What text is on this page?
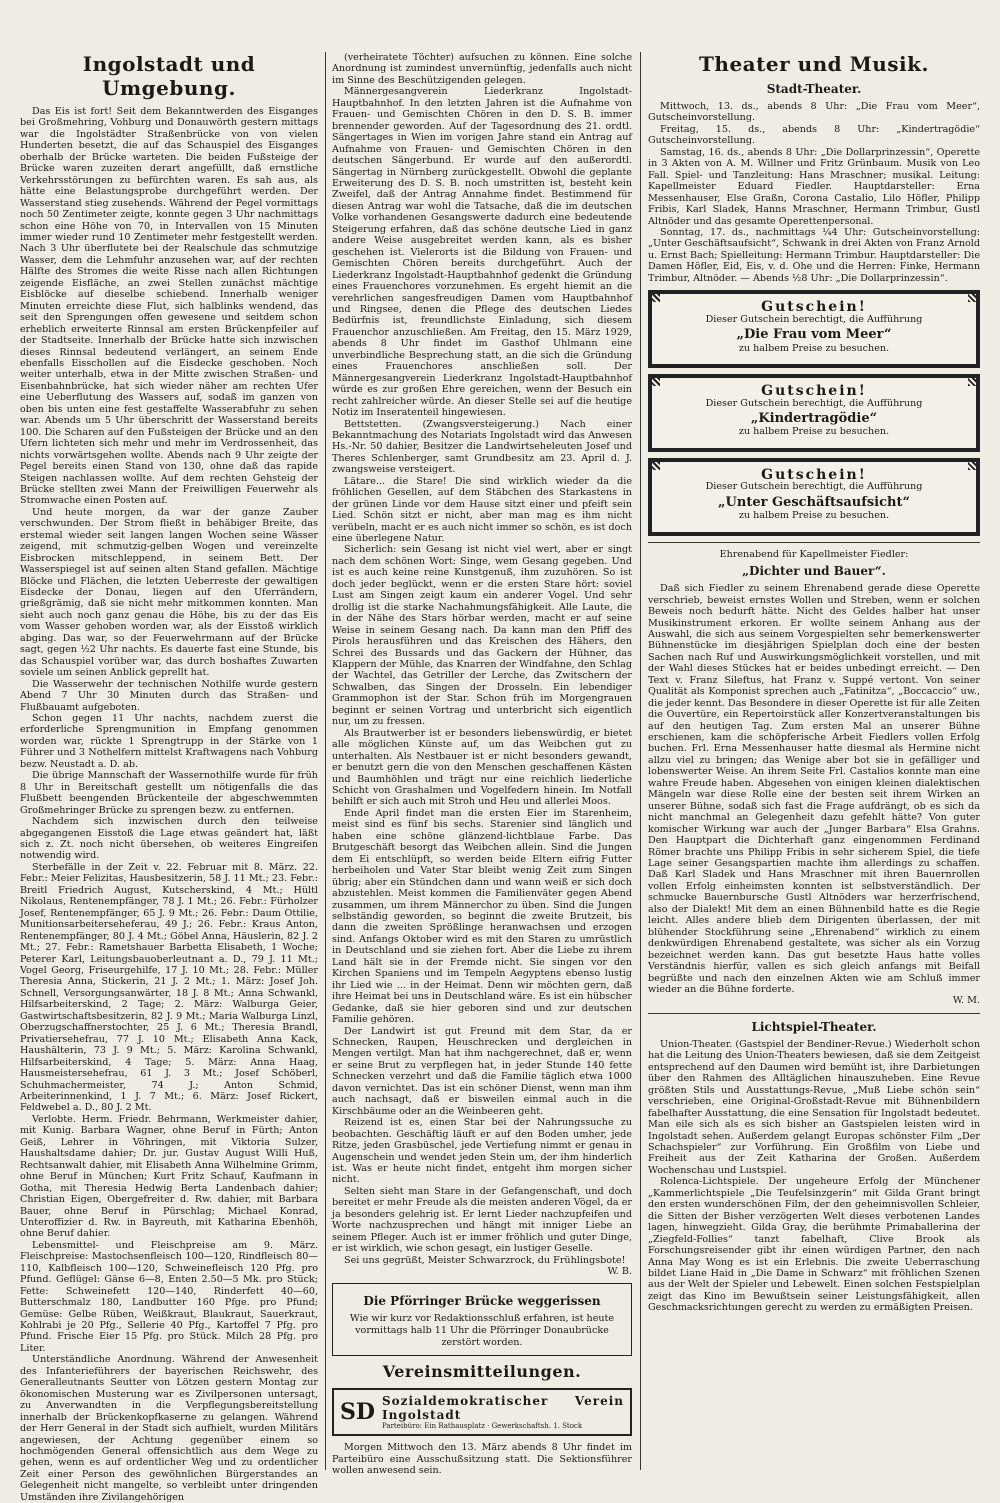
Ingolstadt und Umgebung.

Das Eis ist fort! Seit dem Bekanntwerden des Eisganges bei Großmehring, Vohburg und Donauwörth gestern mittags war die Ingolstädter Straßenbrücke von von vielen Hunderten besetzt, die auf das Schauspiel des Eisganges oberhalb der Brücke warteten. Die beiden Fußsteige der Brücke waren zuzeiten derart angefüllt, daß ernstliche Verkehrsstörungen zu befürchten waren. Es sah aus, als hätte eine Belastungsprobe durchgeführt werden. Der Wasserstand stieg zusehends. Während der Pegel vormittags noch 50 Zentimeter zeigte, konnte gegen 3 Uhr nachmittags schon eine Höhe von 70, in Intervallen von 15 Minuten immer wieder rund 10 Zentimeter mehr festgestellt werden. Nach 3 Uhr überflutete bei der Realschule das schmutzige Wasser, dem die Lehmfuhr anzusehen war, auf der rechten Hälfte des Stromes die weite Risse nach allen Richtungen zeigende Eisfläche, an zwei Stellen zunächst mächtige Eisblöcke auf dieselbe schiebend. Innerhalb weniger Minuten erreichte diese Flut, sich halblinks wendend, das seit den Sprengungen offen gewesene und seitdem schon erheblich erweiterte Rinnsal am ersten Brückenpfeiler auf der Stadtseite. Innerhalb der Brücke hatte sich inzwischen dieses Rinnsal bedeutend verlängert, an seinem Ende ebenfalls Eisschollen auf die Eisdecke geschoben. Noch weiter unterhalb, etwa in der Mitte zwischen Straßen- und Eisenbahnbrücke, hat sich wieder näher am rechten Ufer eine Ueberflutung des Wassers auf, sodaß im ganzen von oben bis unten eine fest gestaffelte Wasserabfuhr zu sehen war. Abends um 5 Uhr überschritt der Wasserstand bereits 100. Die Scharen auf den Fußsteigen der Brücke und an den Ufern lichteten sich mehr und mehr im Verdrossenheit, das nichts vorwärtsgehen wollte. Abends nach 9 Uhr zeigte der Pegel bereits einen Stand von 130, ohne daß das rapide Steigen nachlassen wollte. Auf dem rechten Gehsteig der Brücke stellten zwei Mann der Freiwilligen Feuerwehr als Stromwache einen Posten auf.

Und heute morgen, da war der ganze Zauber verschwunden. Der Strom fließt in behäbiger Breite, das erstemal wieder seit langen langen Wochen seine Wässer zeigend, mit schmutzig-gelben Wogen und vereinzelte Eisbrocken mitschleppend, in seinem Bett. Der Wasserspiegel ist auf seinen alten Stand gefallen. Mächtige Blöcke und Flächen, die letzten Ueberreste der gewaltigen Eisdecke der Donau, liegen auf den Uferrändern, grießgrämig, daß sie nicht mehr mitkommen konnten. Man sieht auch noch ganz genau die Höhe, bis zu der das Eis vom Wasser gehoben worden war, als der Eisstoß wirklich abging. Das war, so der Feuerwehrmann auf der Brücke sagt, gegen ½2 Uhr nachts. Es dauerte fast eine Stunde, bis das Schauspiel vorüber war, das durch boshaftes Zuwarten soviele um seinen Anblick geprellt hat.

Die Wasserwehr der technischen Nothilfe wurde gestern Abend 7 Uhr 30 Minuten durch das Straßen- und Flußbauamt aufgeboten.

Schon gegen 11 Uhr nachts, nachdem zuerst die erforderliche Sprengmunition in Empfang genommen worden war, rückte 1 Sprengtrupp in der Stärke von 1 Führer und 3 Nothelfern mittelst Kraftwagens nach Vohburg bezw. Neustadt a. D. ab.

Die übrige Mannschaft der Wassernothilfe wurde für früh 8 Uhr in Bereitschaft gestellt um nötigenfalls die das Flußbett beengenden Brückenteile der abgeschwemmten Großmehringer Brücke zu sprengen bezw. zu entfernen.

Nachdem sich inzwischen durch den teilweise abgegangenen Eisstoß die Lage etwas geändert hat, läßt sich z. Zt. noch nicht übersehen, ob weiteres Eingreifen notwendig wird.

Sterbefälle in der Zeit v. 22. Februar mit 8. März. 22. Febr.: Meier Felizitas, Hausbesitzerin, 58 J. 11 Mt.; 23. Febr.: Breitl Friedrich August, Kutscherskind, 4 Mt.; Hültl Nikolaus, Rentenempfänger, 78 J. 1 Mt.; 26. Febr.: Fürholzer Josef, Rentenempfänger, 65 J. 9 Mt.; 26. Febr.: Daum Ottilie, Munitionsarbeiterseheferau, 49 J.; 26. Febr.: Kraus Anton, Rentenempfänger, 80 J. 4 Mt.; Göbel Anna, Häuslerin, 82 J. 2 Mt.; 27. Febr.: Rametshauer Barbetta Elisabeth, 1 Woche; Peterer Karl, Leitungsbauoberleutnant a. D., 79 J. 11 Mt.; Vogel Georg, Friseurgehilfe, 17 J. 10 Mt.; 28. Febr.: Müller Theresia Anna, Stickerin, 21 J. 2 Mt.; 1. März: Josef Joh. Schnell, Versorgungsanwärter, 18 J. 8 Mt.; Anna Schwankl, Hilfsarbeiterskind, 2 Tage; 2. März: Walburga Geier, Gastwirtschaftsbesitzerin, 82 J. 9 Mt.; Maria Walburga Linzl, Oberzugschaffnerstochter, 25 J. 6 Mt.; Theresia Brandl, Privatiersehefrau, 77 J. 10 Mt.; Elisabeth Anna Kack, Haushälterin, 73 J. 9 Mt.; 5. März: Karolina Schwankl, Hilfsarbeiterskind, 4 Tage; 5. März: Anna Haag, Hausmeistersehefrau, 61 J. 3 Mt.; Josef Schöberl, Schuhmachermeister, 74 J.; Anton Schmid, Arbeiterinnenkind, 1 J. 7 Mt.; 6. März: Josef Rickert, Feldwebel a. D., 80 J. 2 Mt.

Verlobte. Herm. Friedr. Behrmann, Werkmeister dahier, mit Kunig. Barbara Wagner, ohne Beruf in Fürth; Anton Geiß, Lehrer in Vöhringen, mit Viktoria Sulzer, Haushaltsdame dahier; Dr. jur. Gustav August Willi Huß, Rechtsanwalt dahier, mit Elisabeth Anna Wilhelmine Grimm, ohne Beruf in München; Kurt Fritz Schauf, Kaufmann in Gotha, mit Theresia Hedwig Berta Landenbach dahier; Christian Eigen, Obergefreiter d. Rw. dahier, mit Barbara Bauer, ohne Beruf in Pürschlag; Michael Konrad, Unteroffizier d. Rw. in Bayreuth, mit Katharina Ebenhöh, ohne Beruf dahier.

Lebensmittel- und Fleischpreise am 9. März. Fleischpreise: Mastochsenfleisch 100—120, Rindfleisch 80—110, Kalbfleisch 100—120, Schweinefleisch 120 Pfg. pro Pfund. Geflügel: Gänse 6—8, Enten 2.50—5 Mk. pro Stück; Fette: Schweinefett 120—140, Rinderfett 40—60, Butterschmalz 180, Landbutter 160 Pfge. pro Pfund; Gemüse: Gelbe Rüben, Weißkraut, Blaukraut, Sauerkraut, Kohlrabi je 20 Pfg., Sellerie 40 Pfg., Kartoffel 7 Pfg. pro Pfund. Frische Eier 15 Pfg. pro Stück. Milch 28 Pfg. pro Liter.

Unterständliche Anordnung. Während der Anwesenheit des Infanterieführers der bayerischen Reichswehr, des Generalleutnants Seutter von Lötzen gestern Montag zur ökonomischen Musterung war es Zivilpersonen untersagt, zu Anverwandten in die Verpflegungsbereitstellung innerhalb der Brückenkopfkaserne zu gelangen. Während der Herr General in der Stadt sich aufhielt, wurden Militärs angewiesen, der Achtung gegenüber einem so hochmögenden General offensichtlich aus dem Wege zu gehen, wenn es auf ordentlicher Weg und zu ordentlicher Zeit einer Person des gewöhnlichen Bürgerstandes an Gelegenheit nicht mangelte, so verbleibt unter dringenden Umständen ihre Zivilangehörigen

(verheiratete Töchter) aufsuchen zu können. Eine solche Anordnung ist zumindest unvernünftig, jedenfalls auch nicht im Sinne des Beschützigenden gelegen.

Männergesangverein Liederkranz Ingolstadt-Hauptbahnhof. In den letzten Jahren ist die Aufnahme von Frauen- und Gemischten Chören in den D. S. B. immer brennender geworden. Auf der Tagesordnung des 21. ordtl. Sängertages in Wien im vorigen Jahre stand ein Antrag auf Aufnahme von Frauen- und Gemischten Chören in den deutschen Sängerbund. Er wurde auf den außerordtl. Sängertag in Nürnberg zurückgestellt. Obwohl die geplante Erweiterung des D. S. B. noch umstritten ist, besteht kein Zweifel, daß der Antrag Annahme findet. Bestimmend für diesen Antrag war wohl die Tatsache, daß die im deutschen Volke vorhandenen Gesangswerte dadurch eine bedeutende Steigerung erfahren, daß das schöne deutsche Lied in ganz andere Weise ausgebreitet werden kann, als es bisher geschehen ist. Vielerorts ist die Bildung von Frauen- und Gemischten Chören bereits durchgeführt. Auch der Liederkranz Ingolstadt-Hauptbahnhof gedenkt die Gründung eines Frauenchores vorzunehmen. Es ergeht hiemit an die verehrlichen sangesfreudigen Damen vom Hauptbahnhof und Ringsee, denen die Pflege des deutschen Liedes Bedürfnis ist, freundlichste Einladung, sich diesem Frauenchor anzuschließen. Am Freitag, den 15. März 1929, abends 8 Uhr findet im Gasthof Uhlmann eine unverbindliche Besprechung statt, an die sich die Gründung eines Frauenchores anschließen soll. Der Männergesangverein Liederkranz Ingolstadt-Hauptbahnhof würde es zur großen Ehre gereichen, wenn der Besuch ein recht zahlreicher würde. An dieser Stelle sei auf die heutige Notiz im Inseratenteil hingewiesen.

Bettstetten. (Zwangsversteigerung.) Nach einer Bekanntmachung des Notariats Ingolstadt wird das Anwesen Hs.-Nr. 50 dahier, Besitzer die Landwirtseheleuten Josef und Theres Schlenberger, samt Grundbesitz am 23. April d. J. zwangsweise versteigert.

Lätare... die Stare! Die sind wirklich wieder da die fröhlichen Gesellen, auf dem Stäbchen des Starkastens in der grünen Linde vor dem Hause sitzt einer und pfeift sein Lied. Schön sitzt er nicht, aber man mag es ihm nicht verübeln, macht er es auch nicht immer so schön, es ist doch eine überlegene Natur.

Sicherlich: sein Gesang ist nicht viel wert, aber er singt nach dem schönen Wort: Singe, wem Gesang gegeben. Und ist es auch keine reine Kunstgenuß, ihm zuzuhören. So ist doch jeder beglückt, wenn er die ersten Stare hört: soviel Lust am Singen zeigt kaum ein anderer Vogel. Und sehr drollig ist die starke Nachahmungsfähigkeit. Alle Laute, die in der Nähe des Stars hörbar werden, macht er auf seine Weise in seinem Gesang nach. Da kann man den Pfiff des Pirols herausführen und das Kreischen des Hähers, den Schrei des Bussards und das Gackern der Hühner, das Klappern der Mühle, das Knarren der Windfahne, den Schlag der Wachtel, das Getriller der Lerche, das Zwitschern der Schwalben, das Singen der Drosseln. Ein lebendiger Grammophon ist der Star. Schon früh im Morgengrauen beginnt er seinen Vortrag und unterbricht sich eigentlich nur, um zu fressen.

Als Brautwerber ist er besonders liebenswürdig, er bietet alle möglichen Künste auf, um das Weibchen gut zu unterhalten. Als Nestbauer ist er nicht besonders gewandt, er benutzt gern die von den Menschen geschaffenen Kästen und Baumhöhlen und trägt nur eine reichlich liederliche Schicht von Grashalmen und Vogelfedern hinein. Im Notfall behilft er sich auch mit Stroh und Heu und allerlei Moos.

Ende April findet man die ersten Eier im Starenheim, meist sind es fünf bis sechs. Starenier sind länglich und haben eine schöne glänzend-lichtblaue Farbe. Das Brutgeschäft besorgt das Weibchen allein. Sind die Jungen dem Ei entschlüpft, so werden beide Eltern eifrig Futter herbeiholen und Vater Star bleibt wenig Zeit zum Singen übrig; aber ein Stündchen dann und wann weiß er sich doch abzustehlen. Meist kommen die Familienväter gegen Abend zusammen, um ihrem Männerchor zu üben. Sind die Jungen selbständig geworden, so beginnt die zweite Brutzeit, bis dann die zweiten Sprößlinge heranwachsen und erzogen sind. Anfangs Oktober wird es mit den Staren zu umrüstlich in Deutschland und sie ziehen fort. Aber die Liebe zu ihrem Land hält sie in der Fremde nicht. Sie singen vor den Kirchen Spaniens und im Tempeln Aegyptens ebenso lustig ihr Lied wie ... in der Heimat. Denn wir möchten gern, daß ihre Heimat bei uns in Deutschland wäre. Es ist ein hübscher Gedanke, daß sie hier geboren sind und zur deutschen Familie gehören.

Der Landwirt ist gut Freund mit dem Star, da er Schnecken, Raupen, Heuschrecken und dergleichen in Mengen vertilgt. Man hat ihm nachgerechnet, daß er, wenn er seine Brut zu verpflegen hat, in jeder Stunde 140 fette Schnecken verzehrt und daß die Familie täglich etwa 1000 davon vernichtet. Das ist ein schöner Dienst, wenn man ihm auch nachsagt, daß er bisweilen einmal auch in die Kirschbäume oder an die Weinbeeren geht.

Reizend ist es, einen Star bei der Nahrungssuche zu beobachten. Geschäftig läuft er auf den Boden umher, jede Ritze, jeden Grasbüschel, jede Vertiefung nimmt er genau in Augenschein und wendet jeden Stein um, der ihm hinderlich ist. Was er heute nicht findet, entgeht ihm morgen sicher nicht.

Selten sieht man Stare in der Gefangenschaft, und doch bereitet er mehr Freude als die meisten anderen Vögel, da er ja besonders gelehrig ist. Er lernt Lieder nachzupfeifen und Worte nachzusprechen und hängt mit inniger Liebe an seinem Pfleger. Auch ist er immer fröhlich und guter Dinge, er ist wirklich, wie schon gesagt, ein lustiger Geselle.

Sei uns gegrüßt, Meister Schwarzrock, du Frühlingsbote!

W. B.
Die Pförringer Brücke weggerissen
Wie wir kurz vor Redaktionsschluß erfahren, ist heute vormittags halb 11 Uhr die Pförringer Donaubrücke zerstört worden.
Vereinsmitteilungen.
SD Sozialdemokratischer Verein Ingolstadt
Parteibüro: Ein Rathausplatz · Gewerkschaftsh. 1. Stock

Morgen Mittwoch den 13. März abends 8 Uhr findet im Parteibüro eine Ausschußsitzung statt. Die Sektionsführer wollen anwesend sein.

Theater und Musik.
Stadt-Theater.

Mittwoch, 13. ds., abends 8 Uhr: „Die Frau vom Meer“, Gutscheinvorstellung.

Freitag, 15. ds., abends 8 Uhr: „Kindertragödie“ Gutscheinvorstellung.

Samstag, 16. ds., abends 8 Uhr: „Die Dollarprinzessin“, Operette in 3 Akten von A. M. Willner und Fritz Grünbaum. Musik von Leo Fall. Spiel- und Tanzleitung: Hans Mraschner; musikal. Leitung: Kapellmeister Eduard Fiedler. Hauptdarsteller: Erna Messenhauser, Else Graßn, Corona Castalio, Lilo Höfler, Philipp Fribis, Karl Sladek, Hanns Mraschner, Hermann Trimbur, Gustl Altnöder und das gesamte Operettenpersonal.

Sonntag, 17. ds., nachmittags ¼4 Uhr: Gutscheinvorstellung: „Unter Geschäftsaufsicht“, Schwank in drei Akten von Franz Arnold u. Ernst Bach; Spielleitung: Hermann Trimbur. Hauptdarsteller: Die Damen Höfler, Eid, Eis, v. d. Ohe und die Herren: Finke, Hermann Trimbur, Altnöder. — Abends ½8 Uhr: „Die Dollarprinzessin“.

Gutschein!
Dieser Gutschein berechtigt, die Aufführung
„Die Frau vom Meer“
zu halbem Preise zu besuchen.
Gutschein!
Dieser Gutschein berechtigt, die Aufführung
„Kindertragödie“
zu halbem Preise zu besuchen.
Gutschein!
Dieser Gutschein berechtigt, die Aufführung
„Unter Geschäftsaufsicht“
zu halbem Preise zu besuchen.
Ehrenabend für Kapellmeister Fiedler:
„Dichter und Bauer“.

Daß sich Fiedler zu seinem Ehrenabend gerade diese Operette verschrieb, beweist ernstes Wollen und Streben, wenn er solchen Beweis noch bedurft hätte. Nicht des Geldes halber hat unser Musikinstrument erkoren. Er wollte seinem Anhang aus der Auswahl, die sich aus seinem Vorgespielten sehr bemerkenswerter Bühnenstücke im diesjährigen Spielplan doch eine der besten Sachen nach Ruf und Auswirkungsmöglichkeit vorstellen, und mit der Wahl dieses Stückes hat er beides unbedingt erreicht. — Den Text v. Franz Sileftus, hat Franz v. Suppé vertont. Von seiner Qualität als Komponist sprechen auch „Fatinitza“, „Boccaccio“ uw., die jeder kennt. Das Besondere in dieser Operette ist für alle Zeiten die Ouvertüre, ein Repertoirstück aller Konzertveranstaltungen bis auf den heutigen Tag. Zum ersten Mal an unserer Bühne erschienen, kam die schöpferische Arbeit Fiedlers vollen Erfolg buchen. Frl. Erna Messenhauser hatte diesmal als Hermine nicht allzu viel zu bringen; das Wenige aber bot sie in gefälliger und lobenswerter Weise. An ihrem Seite Frl. Castalios konnte man eine wahre Freude haben. Abgesehen von einigen kleinen dialektischen Mängeln war diese Rolle eine der besten seit ihrem Wirken an unserer Bühne, sodaß sich fast die Frage aufdrängt, ob es sich da nicht manchmal an Gelegenheit dazu gefehlt hätte? Von guter komischer Wirkung war auch der „Junger Barbara“ Elsa Grahns. Den Hauptpart die Dichterhaft ganz eingenommen Ferdinand Römer brachte uns Philipp Fribis in sehr sicherem Spiel, die tiefe Lage seiner Gesangspartien machte ihm allerdings zu schaffen. Daß Karl Sladek und Hans Mraschner mit ihren Bauernrollen vollen Erfolg einheimsten konnten ist selbstverständlich. Der schmucke Bauernbursche Gustl Altnöders war herzerfrischend, also der Dialekt! Mit dem an einen Bühnenbild hatte es die Regie leicht. Alles andere blieb dem Dirigenten überlassen, der mit blühender Stockführung seine „Ehrenabend“ wirklich zu einem denkwürdigen Ehrenabend gestaltete, was sicher als ein Vorzug bezeichnet werden kann. Das gut besetzte Haus hatte volles Verständnis hierfür, vallen es sich gleich anfangs mit Beifall begrüßte und nach den einzelnen Akten wie am Schluß immer wieder an die Bühne forderte.

W. M.
Lichtspiel-Theater.

Union-Theater. (Gastspiel der Bendiner-Revue.) Wiederholt schon hat die Leitung des Union-Theaters bewiesen, daß sie dem Zeitgeist entsprechend auf den Daumen wird bemüht ist, ihre Darbietungen über den Rahmen des Alltäglichen hinauszuheben. Eine Revue größten Stils und Ausstattungs-Revue, „Muß Liebe schön sein“ verschrieben, eine Original-Großstadt-Revue mit Bühnenbildern fabelhafter Ausstattung, die eine Sensation für Ingolstadt bedeutet. Man eile sich als es sich bisher an Gastspielen leisten wird in Ingolstadt sehen. Außerdem gelangt Europas schönster Film „Der Schachspieler“ zur Vorführung. Ein Großfilm von Liebe und Freiheit aus der Zeit Katharina der Großen. Außerdem Wochenschau und Lustspiel.

Rolenca-Lichtspiele. Der ungeheure Erfolg der Münchener „Kammerlichtspiele „Die Teufelsinzgerin“ mit Gilda Grant bringt den ersten wunderschönen Film, der den geheimnisvollen Schleier, die Sitten der Bisher verzögerten Welt dieses verbotenen Landes lagen, hinwegzieht. Gilda Gray, die berühmte Primaballerina der „Ziegfeld-Follies“ tanzt fabelhaft, Clive Brook als Forschungsreisender gibt ihr einen würdigen Partner, den nach Anna May Wong es ist ein Erlebnis. Die zweite Ueberraschung bildet Liane Haid in „Die Dame in Schwarz“ mit fröhlichen Szenen aus der Welt der Spieler und Lebewelt. Einen solchen Festspielplan zeigt das Kino im Bewußtsein seiner Leistungsfähigkeit, allen Geschmacksrichtungen gerecht zu werden zu ermäßigten Preisen.
